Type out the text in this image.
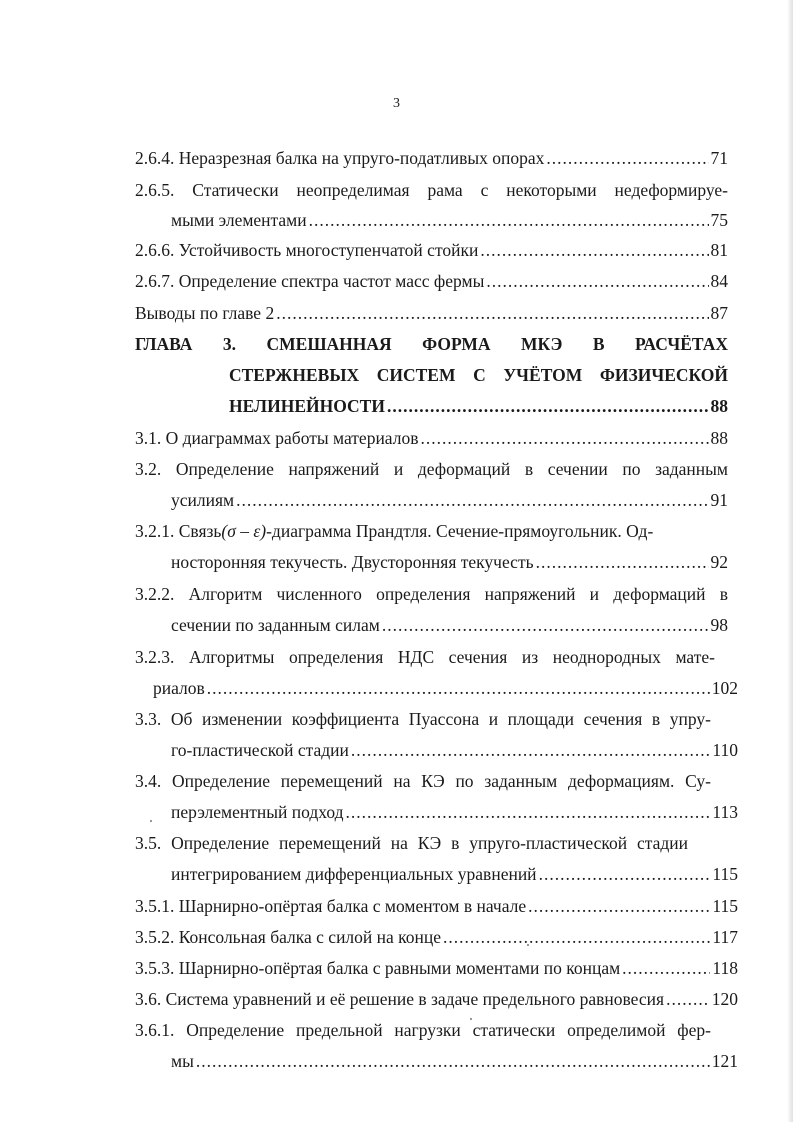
3
2.6.4. Неразрезная балка на упруго-податливых опорах .....	71
2.6.5. Статически неопределимая рама с некоторыми недеформируе-
мыми элементами .....	75
2.6.6. Устойчивость многоступенчатой стойки .....	81
2.6.7. Определение спектра частот масс фермы .....	84
Выводы по главе 2 .....	87
ГЛАВА 3. СМЕШАННАЯ ФОРМА МКЭ В РАСЧЁТАХ
СТЕРЖНЕВЫХ СИСТЕМ С УЧЁТОМ ФИЗИЧЕСКОЙ
НЕЛИНЕЙНОСТИ .....	88
3.1. О диаграммах работы материалов .....	88
3.2. Определение напряжений и деформаций в сечении по заданным
усилиям .....	91
3.2.1. Связь (σ – ε) -диаграмма Прандтля. Сечение-прямоугольник. Од-
носторонняя текучесть. Двусторонняя текучесть .....	92
3.2.2. Алгоритм численного определения напряжений и деформаций в
сечении по заданным силам .....	98
3.2.3. Алгоритмы определения НДС сечения из неоднородных мате-
риалов .....	102
3.3. Об изменении коэффициента Пуассона и площади сечения в упру-
го-пластической стадии .....	110
3.4. Определение перемещений на КЭ по заданным деформациям. Су-
перэлементный подход .....	113
3.5. Определение перемещений на КЭ в упруго-пластической стадии
интегрированием дифференциальных уравнений .....	115
3.5.1. Шарнирно-опёртая балка с моментом в начале .....	115
3.5.2. Консольная балка с силой на конце .....	117
3.5.3. Шарнирно-опёртая балка с равными моментами по концам .....	118
3.6. Система уравнений и её решение в задаче предельного равновесия .....	120
3.6.1. Определение предельной нагрузки статически определимой фер-
мы .....	121
